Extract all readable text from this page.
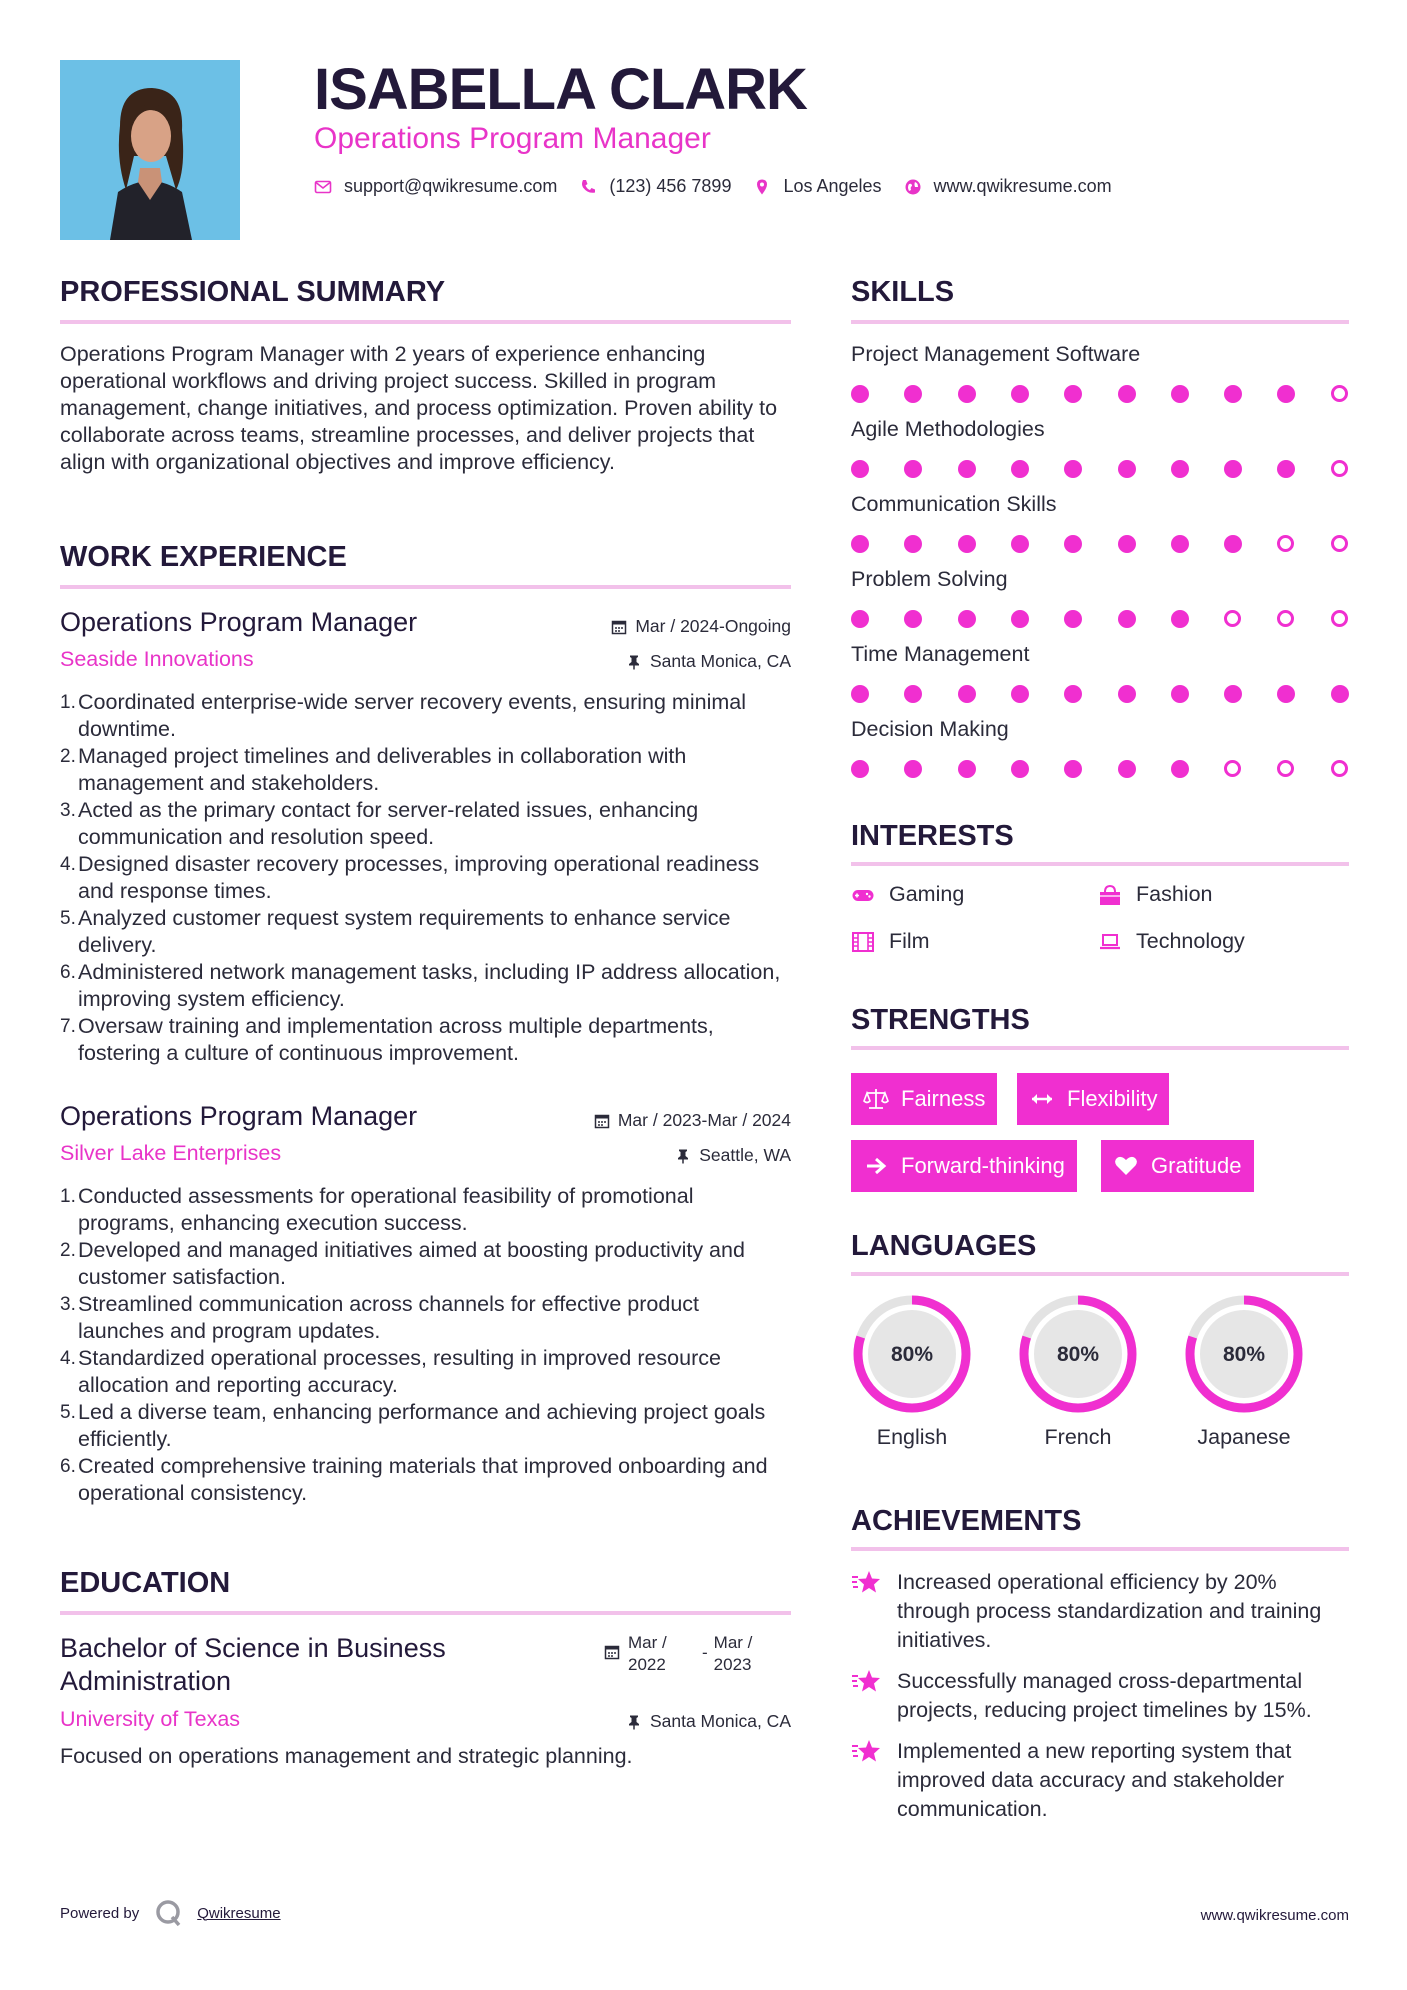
ISABELLA CLARK
Operations Program Manager
support@qwikresume.com	(123) 456 7899	Los Angeles	www.qwikresume.com
PROFESSIONAL SUMMARY
Operations Program Manager with 2 years of experience enhancing operational workflows and driving project success. Skilled in program management, change initiatives, and process optimization. Proven ability to collaborate across teams, streamline processes, and deliver projects that align with organizational objectives and improve efficiency.
WORK EXPERIENCE
Operations Program Manager	Mar / 2024-Ongoing
Seaside Innovations	Santa Monica, CA
1. Coordinated enterprise-wide server recovery events, ensuring minimal downtime.
2. Managed project timelines and deliverables in collaboration with management and stakeholders.
3. Acted as the primary contact for server-related issues, enhancing communication and resolution speed.
4. Designed disaster recovery processes, improving operational readiness and response times.
5. Analyzed customer request system requirements to enhance service delivery.
6. Administered network management tasks, including IP address allocation, improving system efficiency.
7. Oversaw training and implementation across multiple departments, fostering a culture of continuous improvement.
Operations Program Manager	Mar / 2023-Mar / 2024
Silver Lake Enterprises	Seattle, WA
1. Conducted assessments for operational feasibility of promotional programs, enhancing execution success.
2. Developed and managed initiatives aimed at boosting productivity and customer satisfaction.
3. Streamlined communication across channels for effective product launches and program updates.
4. Standardized operational processes, resulting in improved resource allocation and reporting accuracy.
5. Led a diverse team, enhancing performance and achieving project goals efficiently.
6. Created comprehensive training materials that improved onboarding and operational consistency.
EDUCATION
Bachelor of Science in Business Administration
Mar / 2022
-
Mar / 2023
University of Texas	Santa Monica, CA
Focused on operations management and strategic planning.
SKILLS
Project Management Software
Agile Methodologies
Communication Skills
Problem Solving
Time Management
Decision Making
INTERESTS
Gaming	Fashion
Film	Technology
STRENGTHS
Fairness	Flexibility
Forward-thinking	Gratitude
LANGUAGES
80%
English
80%
French
80%
Japanese
ACHIEVEMENTS
Increased operational efficiency by 20% through process standardization and training initiatives.
Successfully managed cross-departmental projects, reducing project timelines by 15%.
Implemented a new reporting system that improved data accuracy and stakeholder communication.
Powered by	Qwikresume	www.qwikresume.com
